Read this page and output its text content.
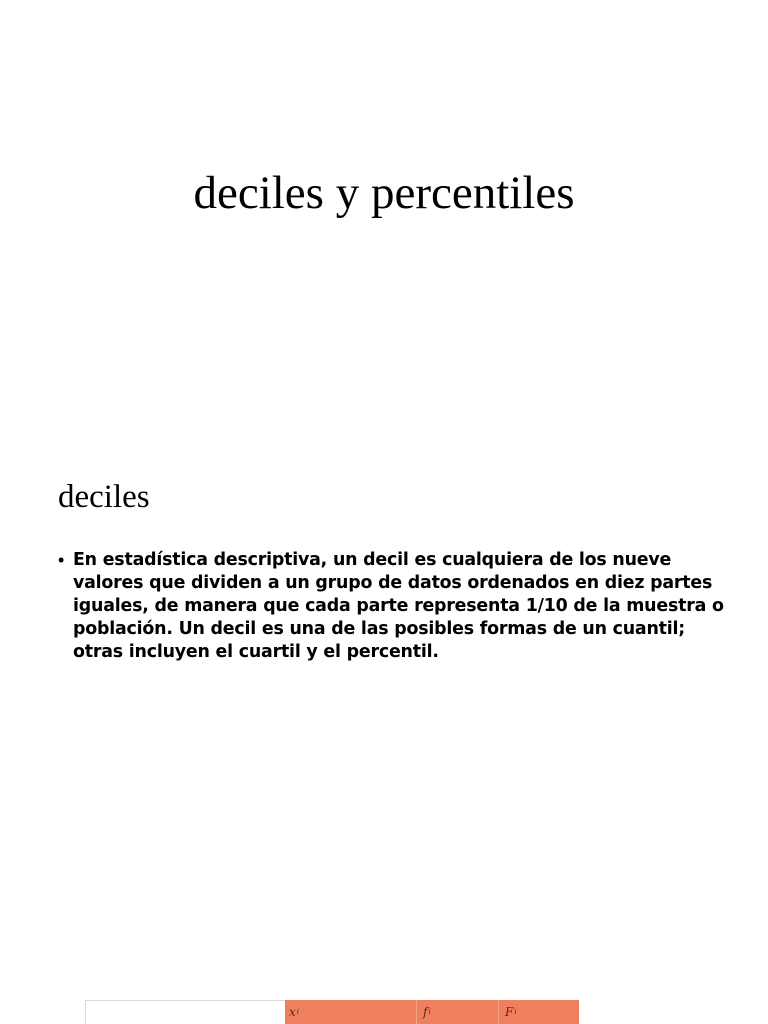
deciles y percentiles
deciles
• En estadística descriptiva, un decil es cualquiera de los nueve
valores que dividen a un grupo de datos ordenados en diez partes
iguales, de manera que cada parte representa 1/10 de la muestra o
población. Un decil es una de las posibles formas de un cuantil;
otras incluyen el cuartil y el percentil.
x i	f i	F i
